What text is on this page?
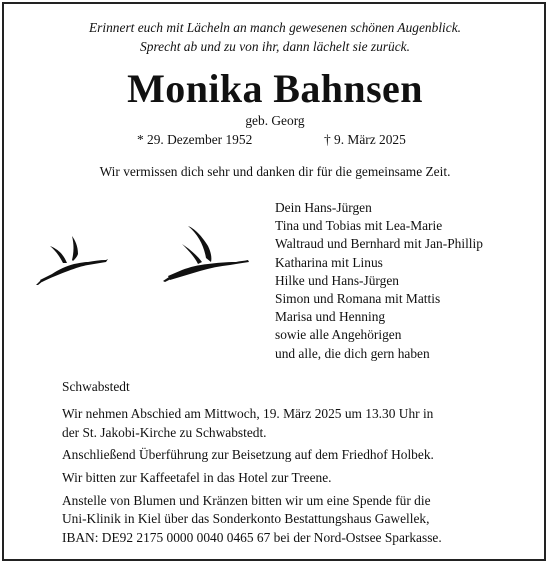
Erinnert euch mit Lächeln an manch gewesenen schönen Augenblick.
Sprecht ab und zu von ihr, dann lächelt sie zurück.
Monika Bahnsen
geb. Georg
* 29. Dezember 1952	† 9. März 2025
Wir vermissen dich sehr und danken dir für die gemeinsame Zeit.
Dein Hans-Jürgen
Tina und Tobias mit Lea-Marie
Waltraud und Bernhard mit Jan-Phillip
Katharina mit Linus
Hilke und Hans-Jürgen
Simon und Romana mit Mattis
Marisa und Henning
sowie alle Angehörigen
und alle, die dich gern haben

Schwabstedt

Wir nehmen Abschied am Mittwoch, 19. März 2025 um 13.30 Uhr in
der St. Jakobi-Kirche zu Schwabstedt.

Anschließend Überführung zur Beisetzung auf dem Friedhof Holbek.

Wir bitten zur Kaffeetafel in das Hotel zur Treene.

Anstelle von Blumen und Kränzen bitten wir um eine Spende für die
Uni-Klinik in Kiel über das Sonderkonto Bestattungshaus Gawellek,
IBAN: DE92 2175 0000 0040 0465 67 bei der Nord-Ostsee Sparkasse.
